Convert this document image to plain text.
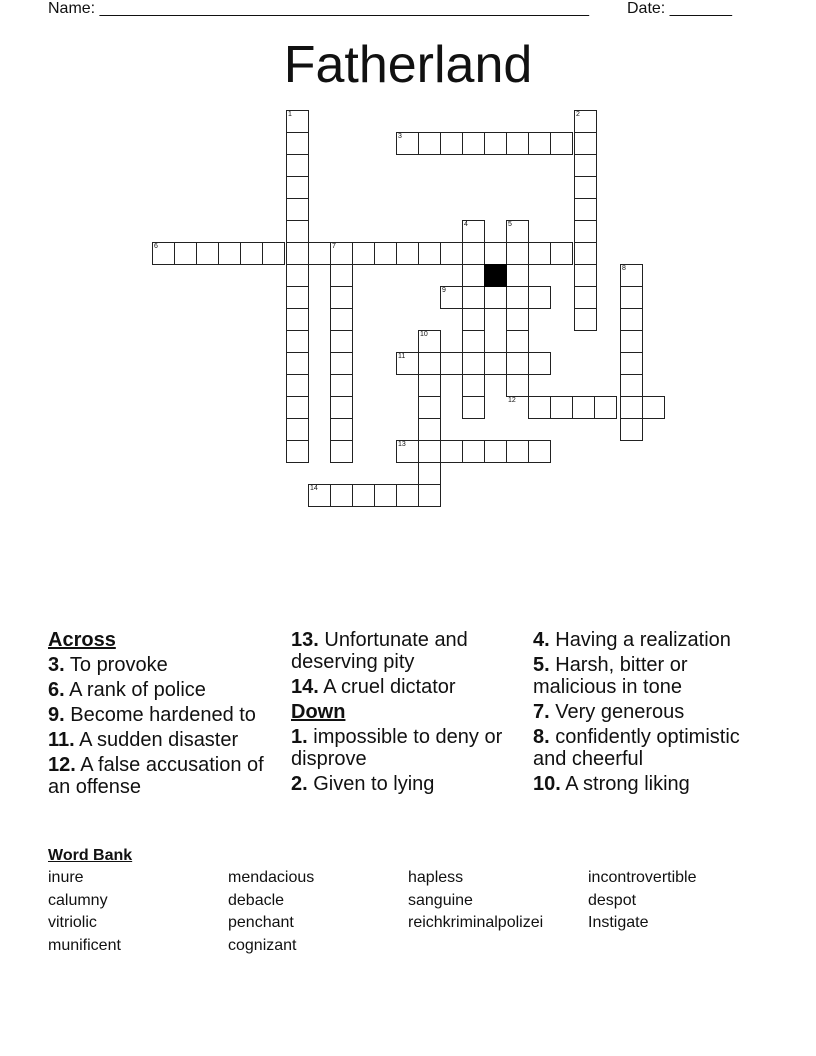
Name: _______________________________________________________ Date: _______
Fatherland
1	2
3
4	5
6	7
8
9
10
11
12
13
14
Across
3. To provoke
6. A rank of police
9. Become hardened to
11. A sudden disaster
12. A false accusation of an offense
13. Unfortunate and deserving pity
14. A cruel dictator
Down
1. impossible to deny or disprove
2. Given to lying
4. Having a realization
5. Harsh, bitter or malicious in tone
7. Very generous
8. confidently optimistic and cheerful
10. A strong liking
Word Bank
inure
calumny
vitriolic
munificent
mendacious
debacle
penchant
cognizant
hapless
sanguine
reichkriminalpolizei
incontrovertible
despot
Instigate
